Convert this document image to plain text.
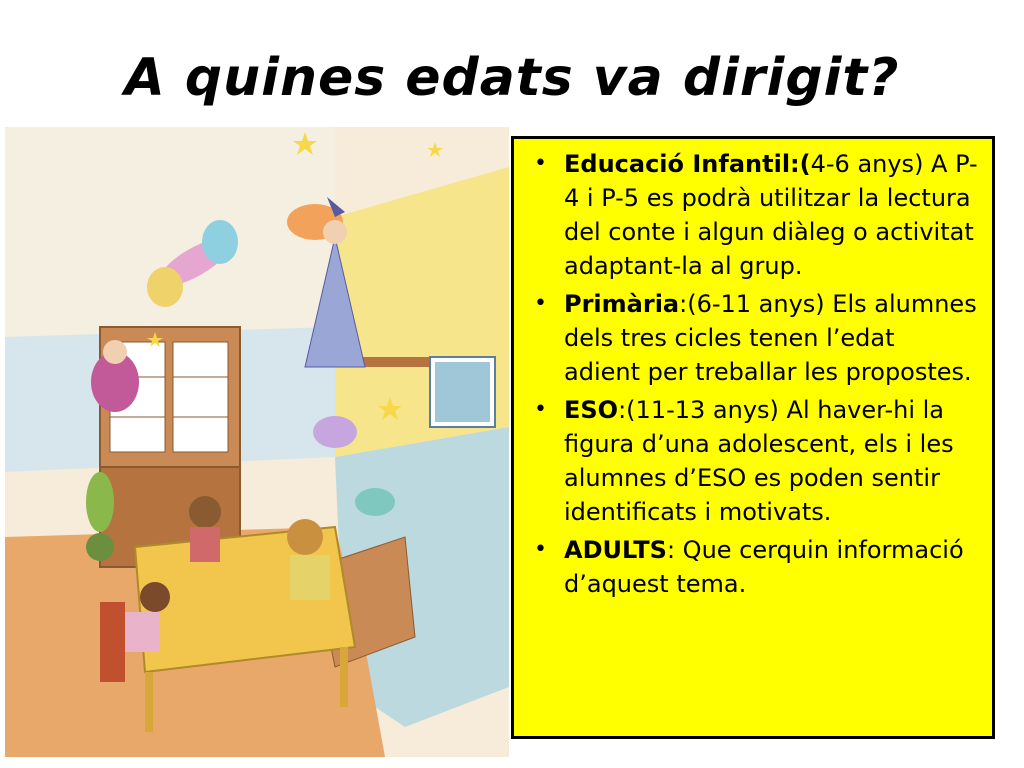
A quines edats va dirigit?
• Educació Infantil:(4-6 anys) A P-4 i P-5 es podrà utilitzar la lectura del conte i algun diàleg o activitat adaptant-la al grup.
• Primària:(6-11 anys) Els alumnes dels tres cicles tenen l’edat adient per treballar les propostes.
• ESO:(11-13 anys) Al haver-hi la figura d’una adolescent, els i les alumnes d’ESO es poden sentir identificats i motivats.
• ADULTS: Que cerquin informació d’aquest tema.
